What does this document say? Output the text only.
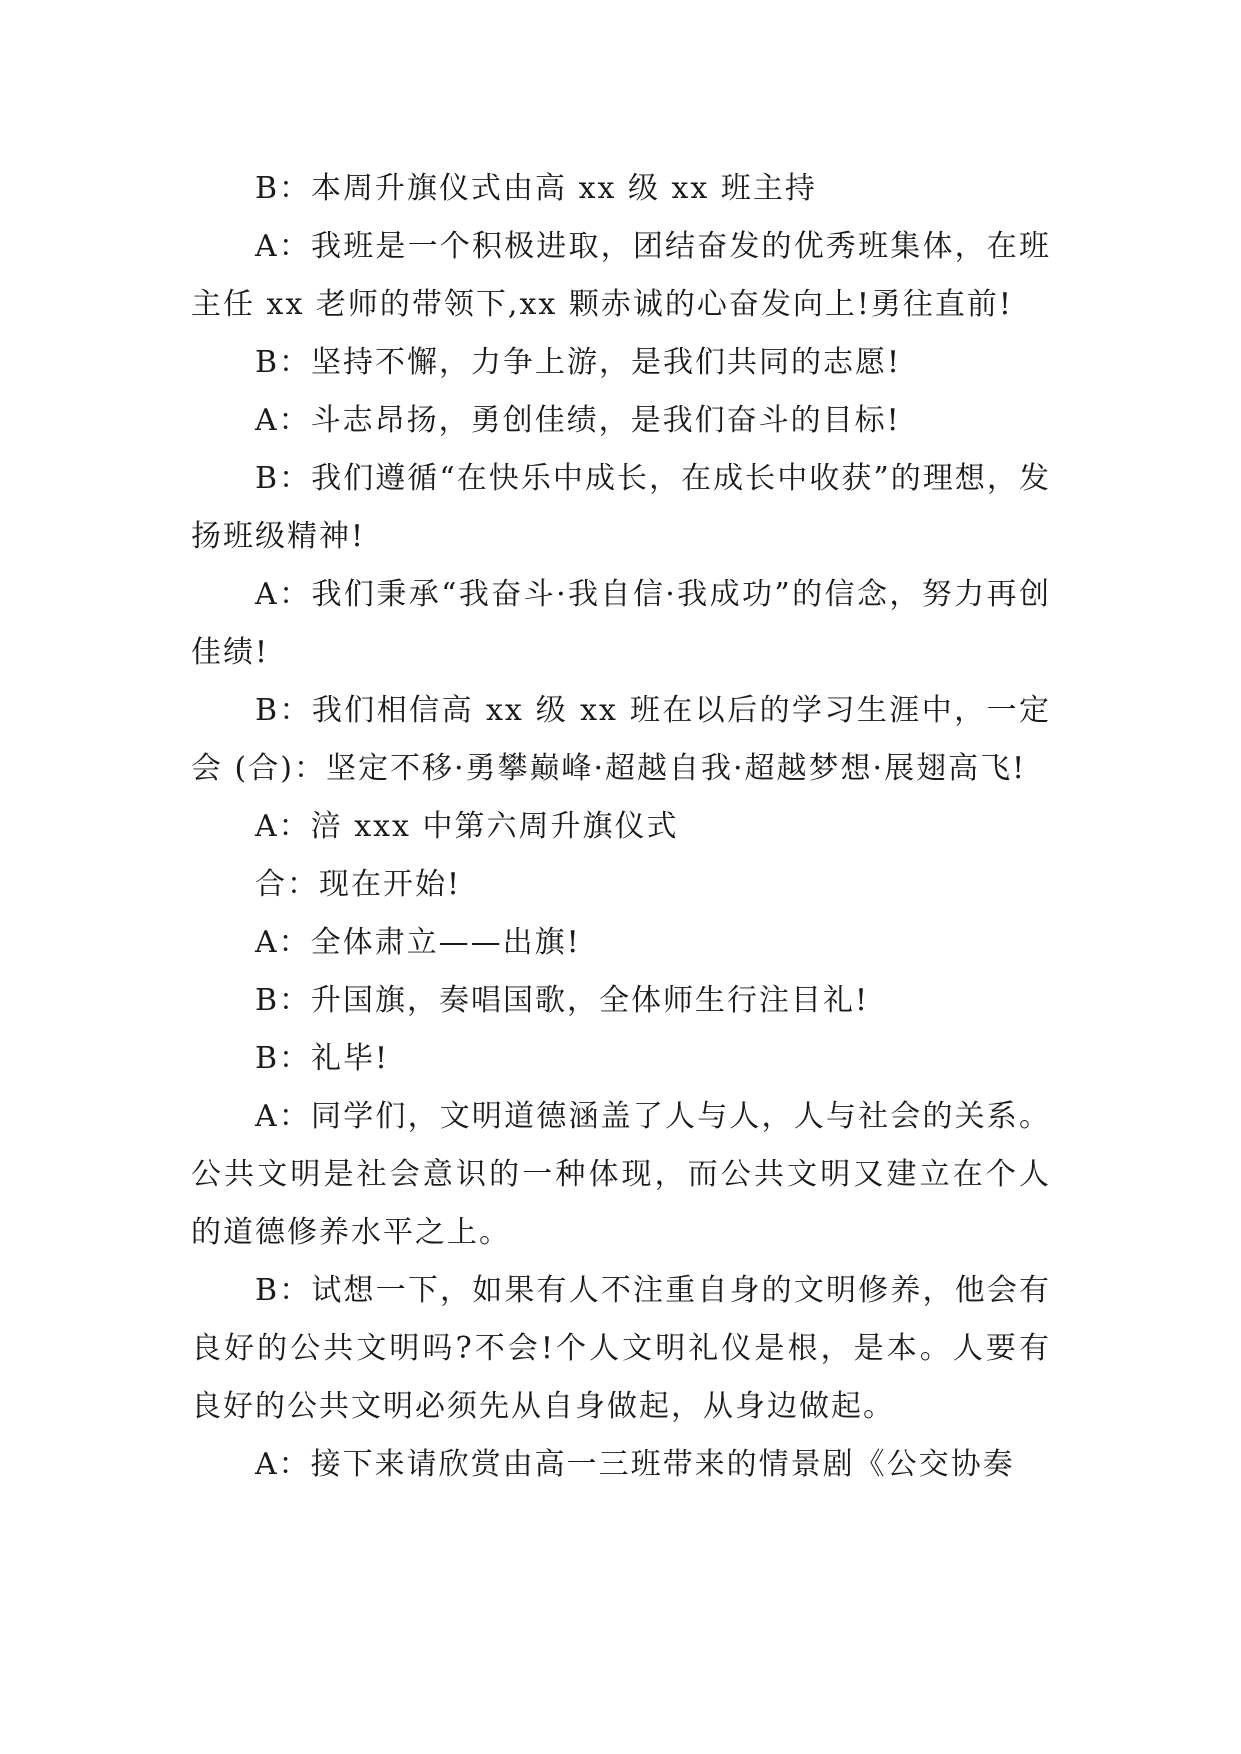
B：本周升旗仪式由高 xx 级 xx 班主持

A：我班是一个积极进取，团结奋发的优秀班集体，在班主任 xx 老师的带领下,xx 颗赤诚的心奋发向上!勇往直前!

B：坚持不懈，力争上游，是我们共同的志愿!

A：斗志昂扬，勇创佳绩，是我们奋斗的目标!

B：我们遵循“在快乐中成长，在成长中收获”的理想，发扬班级精神!

A：我们秉承“我奋斗·我自信·我成功”的信念，努力再创佳绩!

B：我们相信高 xx 级 xx 班在以后的学习生涯中，一定会 (合)：坚定不移·勇攀巅峰·超越自我·超越梦想·展翅高飞!

A：涪 xxx 中第六周升旗仪式

合：现在开始!

A：全体肃立——出旗!

B：升国旗，奏唱国歌，全体师生行注目礼!

B：礼毕!

A：同学们，文明道德涵盖了人与人，人与社会的关系。公共文明是社会意识的一种体现，而公共文明又建立在个人的道德修养水平之上。

B：试想一下，如果有人不注重自身的文明修养，他会有良好的公共文明吗?不会!个人文明礼仪是根，是本。人要有良好的公共文明必须先从自身做起，从身边做起。

A：接下来请欣赏由高一三班带来的情景剧《公交协奏
